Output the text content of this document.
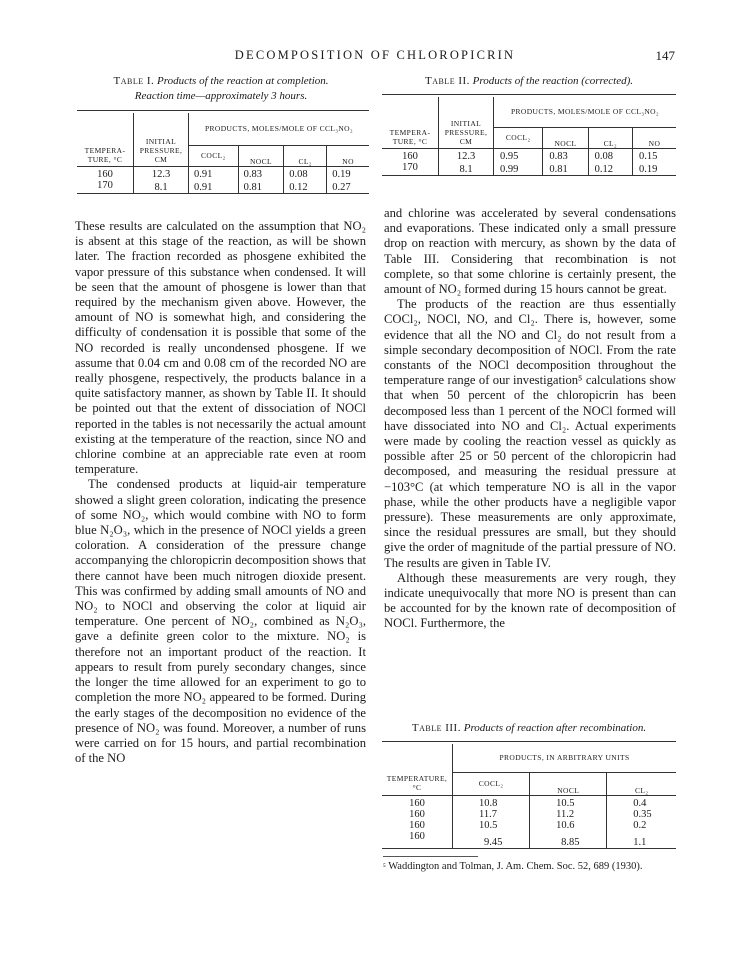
DECOMPOSITION OF CHLOROPICRIN	147
Table I. Products of the reaction at completion.
Reaction time—approximately 3 hours.

TEMPERA- TURE, °C	INITIAL PRESSURE, CM	PRODUCTS, MOLES/MOLE OF CCL₃NO₂			
		COCL₂	NOCL	CL₂	NO
160	12.3	0.91	0.83	0.08	0.19
170	8.1	0.91	0.81	0.12	0.27
Table II. Products of the reaction (corrected).

TEMPERA- TURE, °C	INITIAL PRESSURE, CM	PRODUCTS, MOLES/MOLE OF CCL₃NO₂			
		COCL₂	NOCL	CL₂	NO
160	12.3	0.95	0.83	0.08	0.15
170	8.1	0.99	0.81	0.12	0.19

These results are calculated on the assumption that NO₂ is absent at this stage of the reaction, as will be shown later. The fraction recorded as phosgene exhibited the vapor pressure of this substance when condensed. It will be seen that the amount of phosgene is lower than that required by the mechanism given above. However, the amount of NO is somewhat high, and considering the difficulty of condensation it is possible that some of the NO recorded is really uncondensed phosgene. If we assume that 0.04 cm and 0.08 cm of the recorded NO are really phosgene, respectively, the products balance in a quite satisfactory manner, as shown by Table II. It should be pointed out that the extent of dissociation of NOCl reported in the tables is not necessarily the actual amount existing at the temperature of the reaction, since NO and chlorine combine at an appreciable rate even at room temperature.

The condensed products at liquid-air temperature showed a slight green coloration, indicating the presence of some NO₂, which would combine with NO to form blue N₂O₃, which in the presence of NOCl yields a green coloration. A consideration of the pressure change accompanying the chloropicrin decomposition shows that there cannot have been much nitrogen dioxide present. This was confirmed by adding small amounts of NO and NO₂ to NOCl and observing the color at liquid air temperature. One percent of NO₂, combined as N₂O₃, gave a definite green color to the mixture. NO₂ is therefore not an important product of the reaction. It appears to result from purely secondary changes, since the longer the time allowed for an experiment to go to completion the more NO₂ appeared to be formed. During the early stages of the decomposition no evidence of the presence of NO₂ was found. Moreover, a number of runs were carried on for 15 hours, and partial recombination of the NO

and chlorine was accelerated by several condensations and evaporations. These indicated only a small pressure drop on reaction with mercury, as shown by the data of Table III. Considering that recombination is not complete, so that some chlorine is certainly present, the amount of NO₂ formed during 15 hours cannot be great.

The products of the reaction are thus essentially COCl₂, NOCl, NO, and Cl₂. There is, however, some evidence that all the NO and Cl₂ do not result from a simple secondary decomposition of NOCl. From the rate constants of the NOCl decomposition throughout the temperature range of our investigation⁵ calculations show that when 50 percent of the chloropicrin has been decomposed less than 1 percent of the NOCl formed will have dissociated into NO and Cl₂. Actual experiments were made by cooling the reaction vessel as quickly as possible after 25 or 50 percent of the chloropicrin had decomposed, and measuring the residual pressure at −103°C (at which temperature NO is all in the vapor phase, while the other products have a negligible vapor pressure). These measurements are only approximate, since the residual pressures are small, but they should give the order of magnitude of the partial pressure of NO. The results are given in Table IV.

Although these measurements are very rough, they indicate unequivocally that more NO is present than can be accounted for by the known rate of decomposition of NOCl. Furthermore, the

Table III. Products of reaction after recombination.

TEMPERATURE, °C	PRODUCTS, IN ARBITRARY UNITS		
	COCL₂	NOCL	CL₂
160	10.8	10.5	0.4
160	11.7	11.2	0.35
160	10.5	10.6	0.2
160	9.45	8.85	1.1
$^{^5}$ Waddington and Tolman, J. Am. Chem. Soc. 52, 689 (1930).
